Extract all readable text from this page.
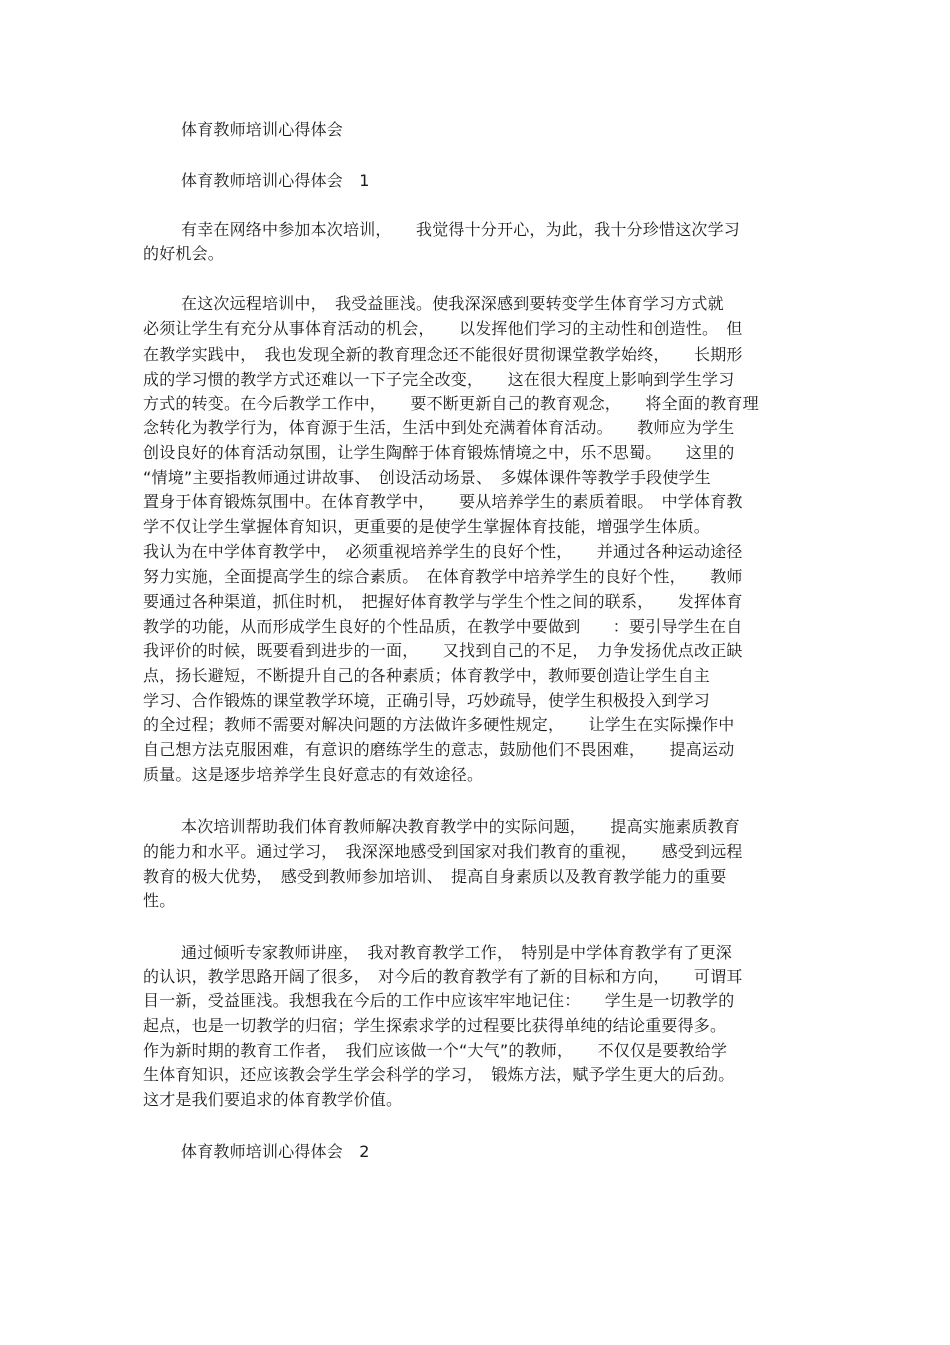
体育教师培训心得体会
体育教师培训心得体会　1
有幸在网络中参加本次培训，　　我觉得十分开心，为此，我十分珍惜这次学习
的好机会。
在这次远程培训中，　我受益匪浅。使我深深感到要转变学生体育学习方式就
必须让学生有充分从事体育活动的机会，　　以发挥他们学习的主动性和创造性。　但
在教学实践中，　我也发现全新的教育理念还不能很好贯彻课堂教学始终，　　长期形
成的学习惯的教学方式还难以一下子完全改变，　　这在很大程度上影响到学生学习
方式的转变。在今后教学工作中，　　要不断更新自己的教育观念，　　将全面的教育理
念转化为教学行为，体育源于生活，生活中到处充满着体育活动。　　教师应为学生
创设良好的体育活动氛围，让学生陶醉于体育锻炼情境之中，乐不思蜀。　　这里的
“情境”主要指教师通过讲故事、　创设活动场景、　多媒体课件等教学手段使学生
置身于体育锻炼氛围中。在体育教学中，　　要从培养学生的素质着眼。　中学体育教
学不仅让学生掌握体育知识，更重要的是使学生掌握体育技能，增强学生体质。
我认为在中学体育教学中，　必须重视培养学生的良好个性，　　并通过各种运动途径
努力实施，全面提高学生的综合素质。　在体育教学中培养学生的良好个性，　　教师
要通过各种渠道，抓住时机，　把握好体育教学与学生个性之间的联系，　　发挥体育
教学的功能，从而形成学生良好的个性品质，在教学中要做到　　：要引导学生在自
我评价的时候，既要看到进步的一面，　　又找到自己的不足，　力争发扬优点改正缺
点，扬长避短，不断提升自己的各种素质；体育教学中，教师要创造让学生自主
学习、合作锻炼的课堂教学环境，正确引导，巧妙疏导，使学生积极投入到学习
的全过程；教师不需要对解决问题的方法做许多硬性规定，　　让学生在实际操作中
自己想方法克服困难，有意识的磨练学生的意志，鼓励他们不畏困难，　　提高运动
质量。这是逐步培养学生良好意志的有效途径。
本次培训帮助我们体育教师解决教育教学中的实际问题，　　提高实施素质教育
的能力和水平。通过学习，　我深深地感受到国家对我们教育的重视，　　感受到远程
教育的极大优势，　感受到教师参加培训、　提高自身素质以及教育教学能力的重要
性。
通过倾听专家教师讲座，　我对教育教学工作，　特别是中学体育教学有了更深
的认识，教学思路开阔了很多，　对今后的教育教学有了新的目标和方向，　　可谓耳
目一新，受益匪浅。我想我在今后的工作中应该牢牢地记住：　　学生是一切教学的
起点，也是一切教学的归宿；学生探索求学的过程要比获得单纯的结论重要得多。
作为新时期的教育工作者，　我们应该做一个“大气”的教师，　　不仅仅是要教给学
生体育知识，还应该教会学生学会科学的学习，　锻炼方法，赋予学生更大的后劲。
这才是我们要追求的体育教学价值。
体育教师培训心得体会　2
